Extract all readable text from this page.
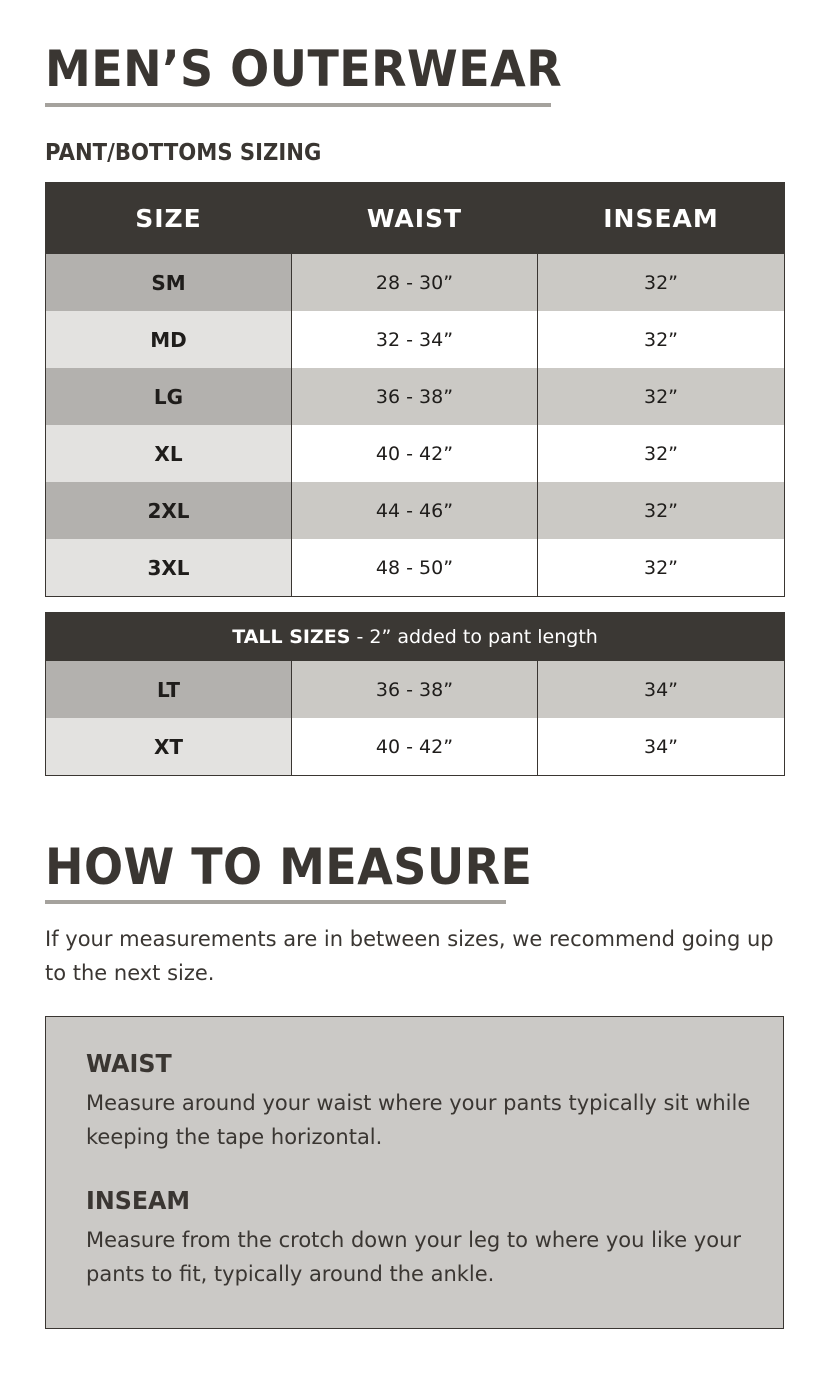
MEN’S OUTERWEAR
PANT/BOTTOMS SIZING
SIZE	WAIST	INSEAM
SM	28 - 30”	32”
MD	32 - 34”	32”
LG	36 - 38”	32”
XL	40 - 42”	32”
2XL	44 - 46”	32”
3XL	48 - 50”	32”
TALL SIZES - 2” added to pant length		
LT	36 - 38”	34”
XT	40 - 42”	34”
HOW TO MEASURE

If your measurements are in between sizes, we recommend going up to the next size.

WAIST

Measure around your waist where your pants typically sit while keeping the tape horizontal.

INSEAM

Measure from the crotch down your leg to where you like your pants to fit, typically around the ankle.
